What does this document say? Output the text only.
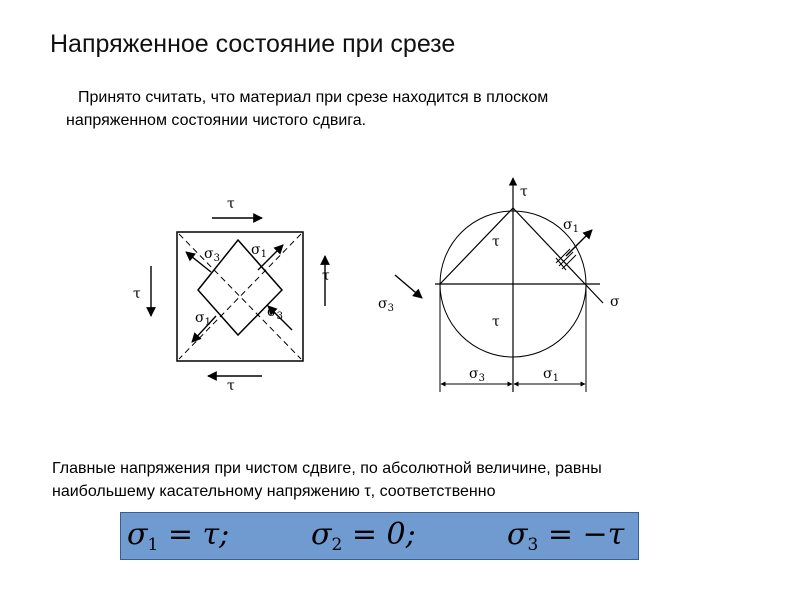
Напряженное состояние при срезе
Принято считать, что материал при срезе находится в плоском
напряженном состоянии чистого сдвига.
τ
τ
τ
τ
$\sigma_3$
$\sigma_1$
$\sigma_1$
$\sigma_3$
τ
τ
τ
σ
$\sigma_1$
$\sigma_3$
$\sigma_3$	$\sigma_1$
Главные напряжения при чистом сдвиге, по абсолютной величине, равны
наибольшему касательному напряжению τ, соответственно
$\sigma_1 = \tau$;	$\sigma_2 = 0$;	$\sigma_3 = -\tau$
